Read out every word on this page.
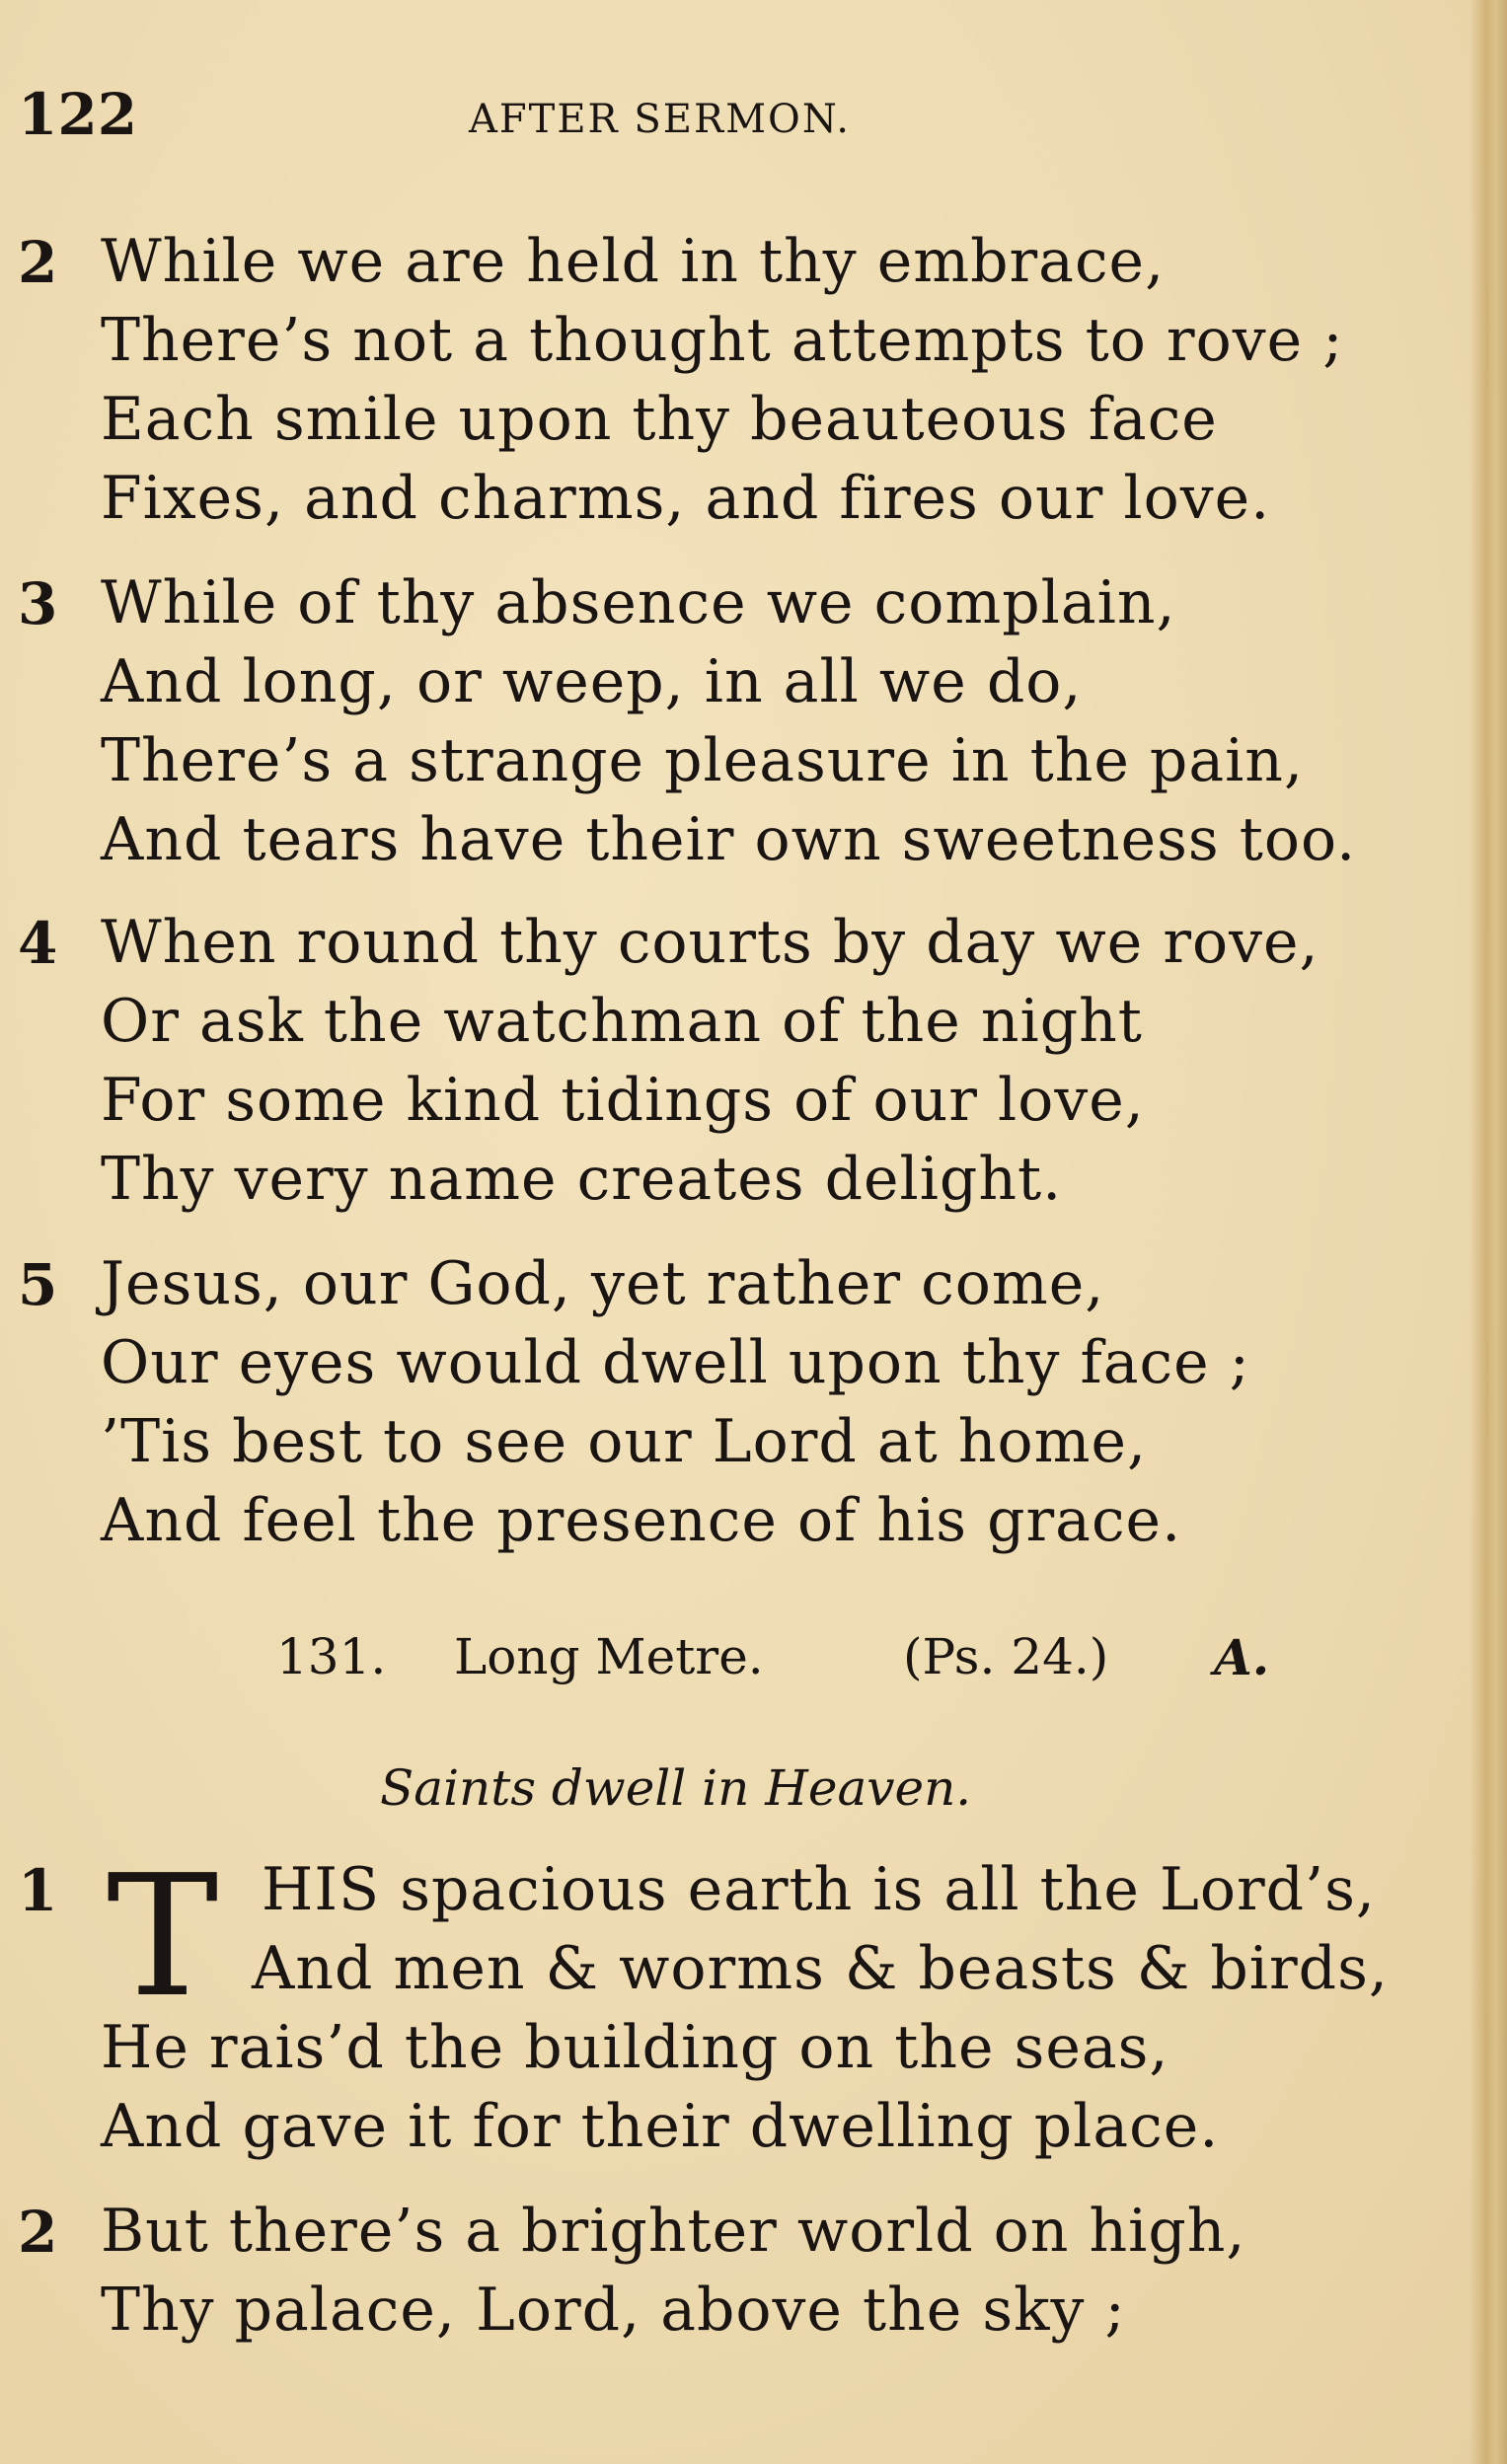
122	AFTER SERMON.
2 While we are held in thy embrace,
There’s not a thought attempts to rove ;
Each smile upon thy beauteous face
Fixes, and charms, and fires our love.
3 While of thy absence we complain,
And long, or weep, in all we do,
There’s a strange pleasure in the pain,
And tears have their own sweetness too.
4 When round thy courts by day we rove,
Or ask the watchman of the night
For some kind tidings of our love,
Thy very name creates delight.
5 Jesus, our God, yet rather come,
Our eyes would dwell upon thy face ;
’Tis best to see our Lord at home,
And feel the presence of his grace.
131. Long Metre.	(Ps. 24.) A.
Saints dwell in Heaven.
1 T HIS spacious earth is all the Lord’s,
And men & worms & beasts & birds,
He rais’d the building on the seas,
And gave it for their dwelling place.
2 But there’s a brighter world on high,
Thy palace, Lord, above the sky ;
